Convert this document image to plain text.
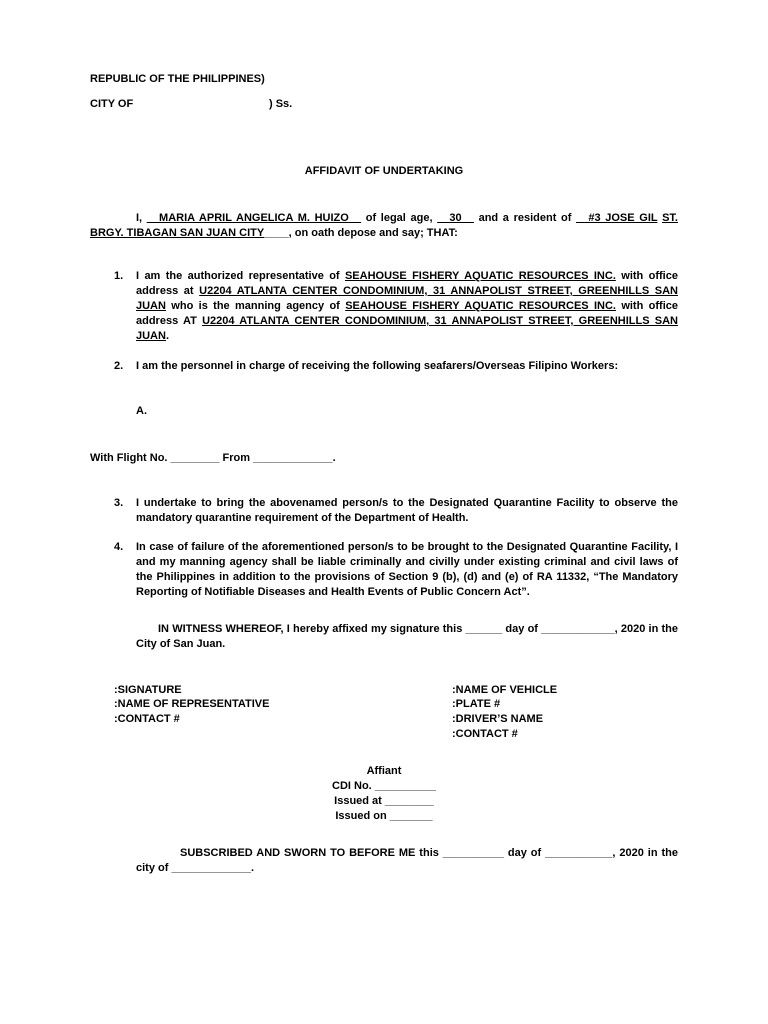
REPUBLIC OF THE PHILIPPINES)
CITY OF	) Ss.
AFFIDAVIT OF UNDERTAKING
I, __MARIA APRIL ANGELICA M. HUIZO__ of legal age, __30__ and a resident of __#3 JOSE GIL ST. BRGY. TIBAGAN SAN JUAN CITY____, on oath depose and say; THAT:
1. I am the authorized representative of SEAHOUSE FISHERY AQUATIC RESOURCES INC. with office address at U2204 ATLANTA CENTER CONDOMINIUM, 31 ANNAPOLIST STREET, GREENHILLS SAN JUAN who is the manning agency of SEAHOUSE FISHERY AQUATIC RESOURCES INC. with office address AT U2204 ATLANTA CENTER CONDOMINIUM, 31 ANNAPOLIST STREET, GREENHILLS SAN JUAN.
2. I am the personnel in charge of receiving the following seafarers/Overseas Filipino Workers:
A.
With Flight No. ________ From _____________.
3. I undertake to bring the abovenamed person/s to the Designated Quarantine Facility to observe the mandatory quarantine requirement of the Department of Health.
4. In case of failure of the aforementioned person/s to be brought to the Designated Quarantine Facility, I and my manning agency shall be liable criminally and civilly under existing criminal and civil laws of the Philippines in addition to the provisions of Section 9 (b), (d) and (e) of RA 11332, “The Mandatory Reporting of Notifiable Diseases and Health Events of Public Concern Act”.
IN WITNESS WHEREOF, I hereby affixed my signature this ______ day of ____________, 2020 in the City of San Juan.
:SIGNATURE
:NAME OF REPRESENTATIVE
:CONTACT #
:NAME OF VEHICLE
:PLATE #
:DRIVER’S NAME
:CONTACT #
Affiant
CDI No. __________
Issued at ________
Issued on _______
SUBSCRIBED AND SWORN TO BEFORE ME this __________ day of ___________, 2020 in the city of _____________.
